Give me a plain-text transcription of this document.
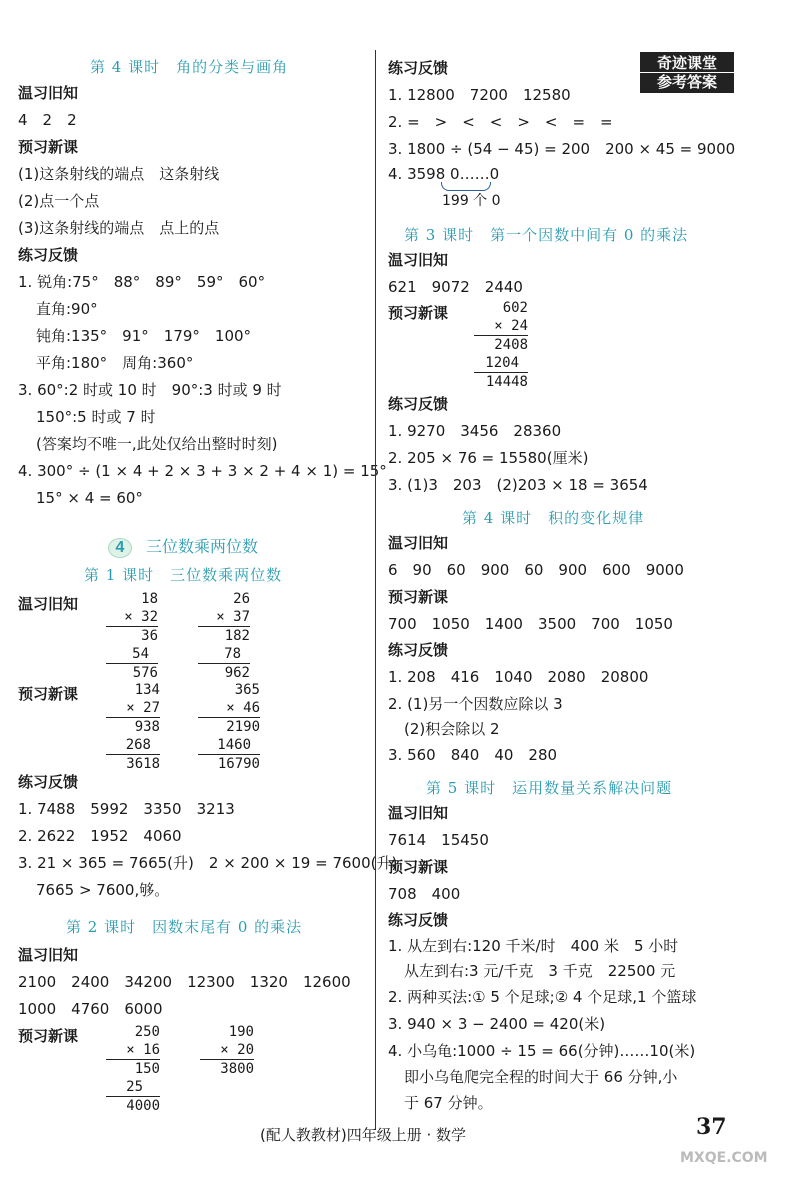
第 4 课时　角的分类与画角
温习旧知
4　2　2
预习新课
(1)这条射线的端点　这条射线
(2)点一个点
(3)这条射线的端点　点上的点
练习反馈
1. 锐角:75°　88°　89°　59°　60°
直角:90°
钝角:135°　91°　179°　100°
平角:180°　周角:360°
3. 60°:2 时或 10 时　90°:3 时或 9 时
150°:5 时或 7 时
(答案均不唯一,此处仅给出整时时刻)
4. 300° ÷ (1 × 4 + 2 × 3 + 3 × 2 + 4 × 1) = 15°
15° × 4 = 60°
4 三位数乘两位数
第 1 课时　三位数乘两位数
温习旧知	18
× 32
36
54
576
26
× 37
182
78
962
预习新课	134
× 27
938
268
3618
365
× 46
2190
1460
16790
练习反馈
1. 7488　5992　3350　3213
2. 2622　1952　4060
3. 21 × 365 = 7665(升)　2 × 200 × 19 = 7600(升)
7665 > 7600,够。
第 2 课时　因数末尾有 0 的乘法
温习旧知
2100　2400　34200　12300　1320　12600
1000　4760　6000
预习新课	250
× 16
150
25
4000
190
× 20
3800
奇迹课堂
参考答案
练习反馈
1. 12800　7200　12580
2. =　>　<　<　>　<　=　=
3. 1800 ÷ (54 − 45) = 200　200 × 45 = 9000
4. 3598 0……0
199 个 0
第 3 课时　第一个因数中间有 0 的乘法
温习旧知
621　9072　2440
预习新课	602
× 24
2408
1204
14448
练习反馈
1. 9270　3456　28360
2. 205 × 76 = 15580(厘米)
3. (1)3　203　(2)203 × 18 = 3654
第 4 课时　积的变化规律
温习旧知
6　90　60　900　60　900　600　9000
预习新课
700　1050　1400　3500　700　1050
练习反馈
1. 208　416　1040　2080　20800
2. (1)另一个因数应除以 3
(2)积会除以 2
3. 560　840　40　280
第 5 课时　运用数量关系解决问题
温习旧知
7614　15450
预习新课
708　400
练习反馈
1. 从左到右:120 千米/时　400 米　5 小时
从左到右:3 元/千克　3 千克　22500 元
2. 两种买法:① 5 个足球;② 4 个足球,1 个篮球
3. 940 × 3 − 2400 = 420(米)
4. 小乌龟:1000 ÷ 15 = 66(分钟)……10(米)
即小乌龟爬完全程的时间大于 66 分钟,小
于 67 分钟。
(配人教教材)四年级上册 · 数学	37
MXQE.COM
